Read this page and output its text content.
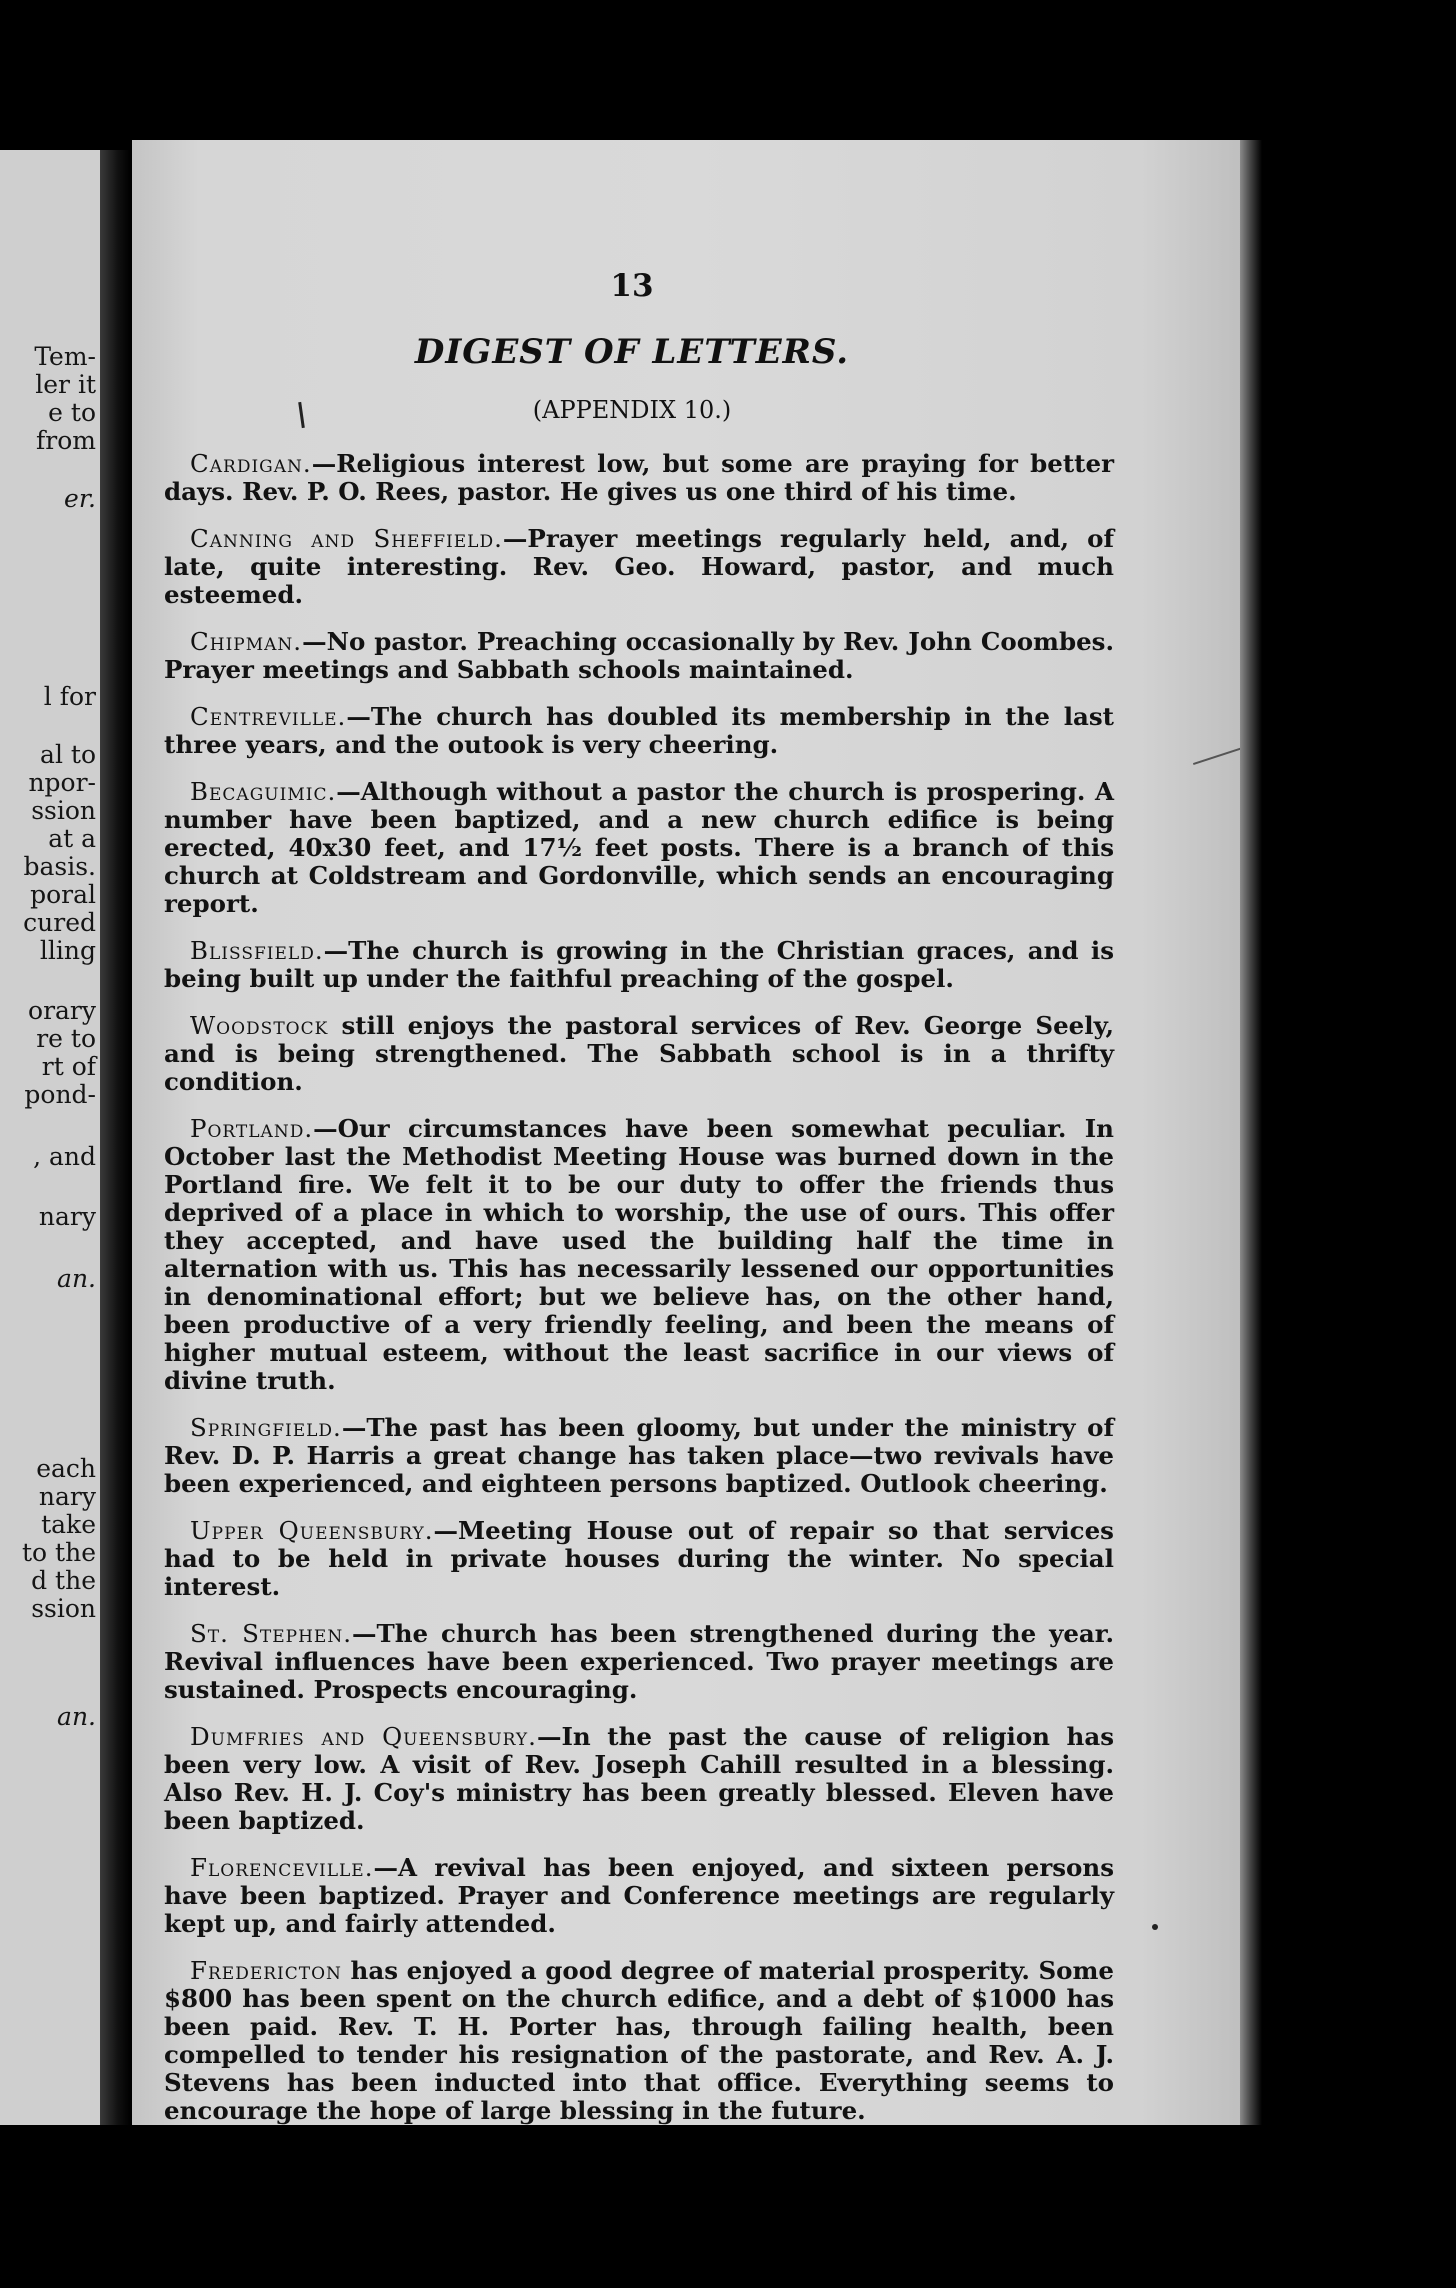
Tem-
ler it
e to
from
er.
l for
al to
npor-
ssion
at a
basis.
poral
cured
lling
orary
re to
rt of
pond-
, and
nary
an.
each
nary
take
to the
d the
ssion
an.
13
DIGEST OF LETTERS.
(APPENDIX 10.)

Cardigan.—Religious interest low, but some are praying for better days. Rev. P. O. Rees, pastor. He gives us one third of his time.

Canning and Sheffield.—Prayer meetings regularly held, and, of late, quite interesting. Rev. Geo. Howard, pastor, and much esteemed.

Chipman.—No pastor. Preaching occasionally by Rev. John Coombes. Prayer meetings and Sabbath schools maintained.

Centreville.—The church has doubled its membership in the last three years, and the outook is very cheering.

Becaguimic.—Although without a pastor the church is prospering. A number have been baptized, and a new church edifice is being erected, 40x30 feet, and 17½ feet posts. There is a branch of this church at Coldstream and Gordonville, which sends an encouraging report.

Blissfield.—The church is growing in the Christian graces, and is being built up under the faithful preaching of the gospel.

Woodstock still enjoys the pastoral services of Rev. George Seely, and is being strengthened. The Sabbath school is in a thrifty condition.

Portland.—Our circumstances have been somewhat peculiar. In October last the Methodist Meeting House was burned down in the Portland fire. We felt it to be our duty to offer the friends thus deprived of a place in which to worship, the use of ours. This offer they accepted, and have used the building half the time in alternation with us. This has necessarily lessened our opportunities in denominational effort; but we believe has, on the other hand, been productive of a very friendly feeling, and been the means of higher mutual esteem, without the least sacrifice in our views of divine truth.

Springfield.—The past has been gloomy, but under the ministry of Rev. D. P. Harris a great change has taken place—two revivals have been experienced, and eighteen persons baptized. Outlook cheering.

Upper Queensbury.—Meeting House out of repair so that services had to be held in private houses during the winter. No special interest.

St. Stephen.—The church has been strengthened during the year. Revival influences have been experienced. Two prayer meetings are sustained. Prospects encouraging.

Dumfries and Queensbury.—In the past the cause of religion has been very low. A visit of Rev. Joseph Cahill resulted in a blessing. Also Rev. H. J. Coy's ministry has been greatly blessed. Eleven have been baptized.

Florenceville.—A revival has been enjoyed, and sixteen persons have been baptized. Prayer and Conference meetings are regularly kept up, and fairly attended.

Fredericton has enjoyed a good degree of material prosperity. Some $800 has been spent on the church edifice, and a debt of $1000 has been paid. Rev. T. H. Porter has, through failing health, been compelled to tender his resignation of the pastorate, and Rev. A. J. Stevens has been inducted into that office. Everything seems to encourage the hope of large blessing in the future.
